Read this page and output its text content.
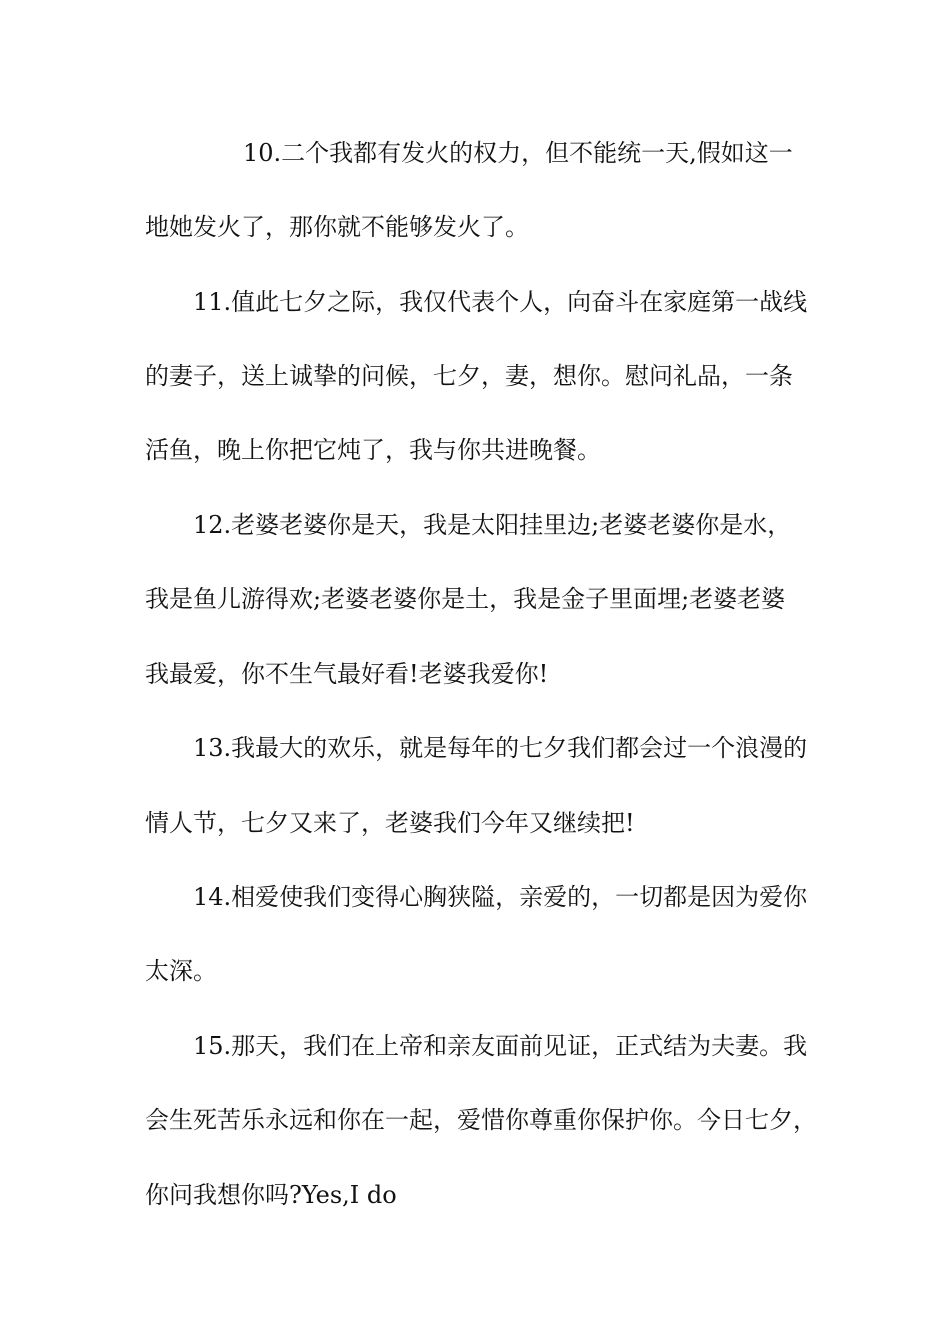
10.二个我都有发火的权力，但不能统一天,假如这一
地她发火了，那你就不能够发火了。
11.值此七夕之际，我仅代表个人，向奋斗在家庭第一战线
的妻子，送上诚挚的问候，七夕，妻，想你。慰问礼品，一条
活鱼，晚上你把它炖了，我与你共进晚餐。
12.老婆老婆你是天，我是太阳挂里边;老婆老婆你是水，
我是鱼儿游得欢;老婆老婆你是土，我是金子里面埋;老婆老婆
我最爱，你不生气最好看!老婆我爱你!
13.我最大的欢乐，就是每年的七夕我们都会过一个浪漫的
情人节，七夕又来了，老婆我们今年又继续把!
14.相爱使我们变得心胸狭隘，亲爱的，一切都是因为爱你
太深。
15.那天，我们在上帝和亲友面前见证，正式结为夫妻。我
会生死苦乐永远和你在一起，爱惜你尊重你保护你。今日七夕，
你问我想你吗?Yes,I do
